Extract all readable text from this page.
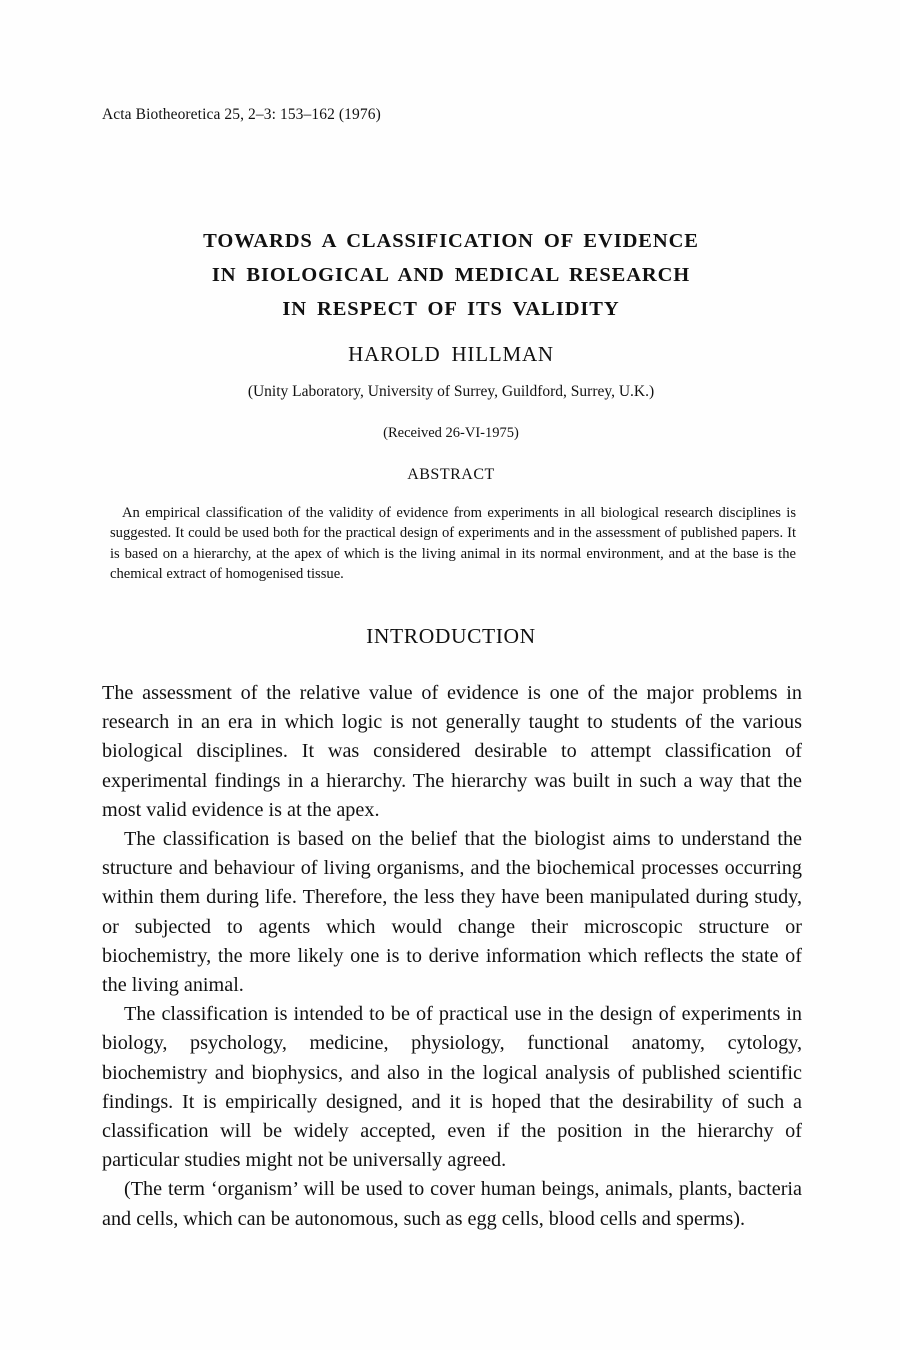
Acta Biotheoretica 25, 2–3: 153–162 (1976)
TOWARDS A CLASSIFICATION OF EVIDENCE
IN BIOLOGICAL AND MEDICAL RESEARCH
IN RESPECT OF ITS VALIDITY
HAROLD HILLMAN
(Unity Laboratory, University of Surrey, Guildford, Surrey, U.K.)
(Received 26-VI-1975)
ABSTRACT
An empirical classification of the validity of evidence from experiments in all biological research disciplines is suggested. It could be used both for the practical design of experiments and in the assessment of published papers. It is based on a hierarchy, at the apex of which is the living animal in its normal environment, and at the base is the chemical extract of homogenised tissue.
INTRODUCTION

The assessment of the relative value of evidence is one of the major problems in research in an era in which logic is not generally taught to students of the various biological disciplines. It was considered desirable to attempt classification of experimental findings in a hierarchy. The hierarchy was built in such a way that the most valid evidence is at the apex.

The classification is based on the belief that the biologist aims to understand the structure and behaviour of living organisms, and the biochemical processes occurring within them during life. Therefore, the less they have been manipulated during study, or subjected to agents which would change their microscopic structure or biochemistry, the more likely one is to derive information which reflects the state of the living animal.

The classification is intended to be of practical use in the design of experiments in biology, psychology, medicine, physiology, functional anatomy, cytology, biochemistry and biophysics, and also in the logical analysis of published scientific findings. It is empirically designed, and it is hoped that the desirability of such a classification will be widely accepted, even if the position in the hierarchy of particular studies might not be universally agreed.

(The term ‘organism’ will be used to cover human beings, animals, plants, bacteria and cells, which can be autonomous, such as egg cells, blood cells and sperms).
